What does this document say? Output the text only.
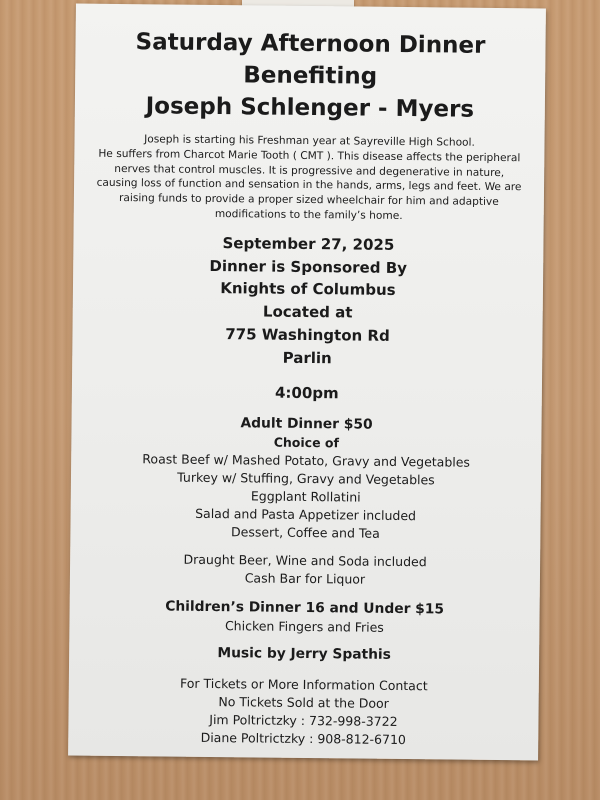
Saturday Afternoon Dinner

Benefiting

Joseph Schlenger - Myers

Joseph is starting his Freshman year at Sayreville High School.
He suffers from Charcot Marie Tooth ( CMT ). This disease affects the peripheral nerves that control muscles. It is progressive and degenerative in nature, causing loss of function and sensation in the hands, arms, legs and feet. We are raising funds to provide a proper sized wheelchair for him and adaptive modifications to the family’s home.

September 27, 2025

Dinner is Sponsored By

Knights of Columbus

Located at

775 Washington Rd

Parlin

4:00pm

Adult Dinner $50

Choice of

Roast Beef w/ Mashed Potato, Gravy and Vegetables

Turkey w/ Stuffing, Gravy and Vegetables

Eggplant Rollatini

Salad and Pasta Appetizer included

Dessert, Coffee and Tea

Draught Beer, Wine and Soda included

Cash Bar for Liquor

Children’s Dinner 16 and Under $15

Chicken Fingers and Fries

Music by Jerry Spathis

For Tickets or More Information Contact

No Tickets Sold at the Door

Jim Poltrictzky : 732-998-3722

Diane Poltrictzky : 908-812-6710
